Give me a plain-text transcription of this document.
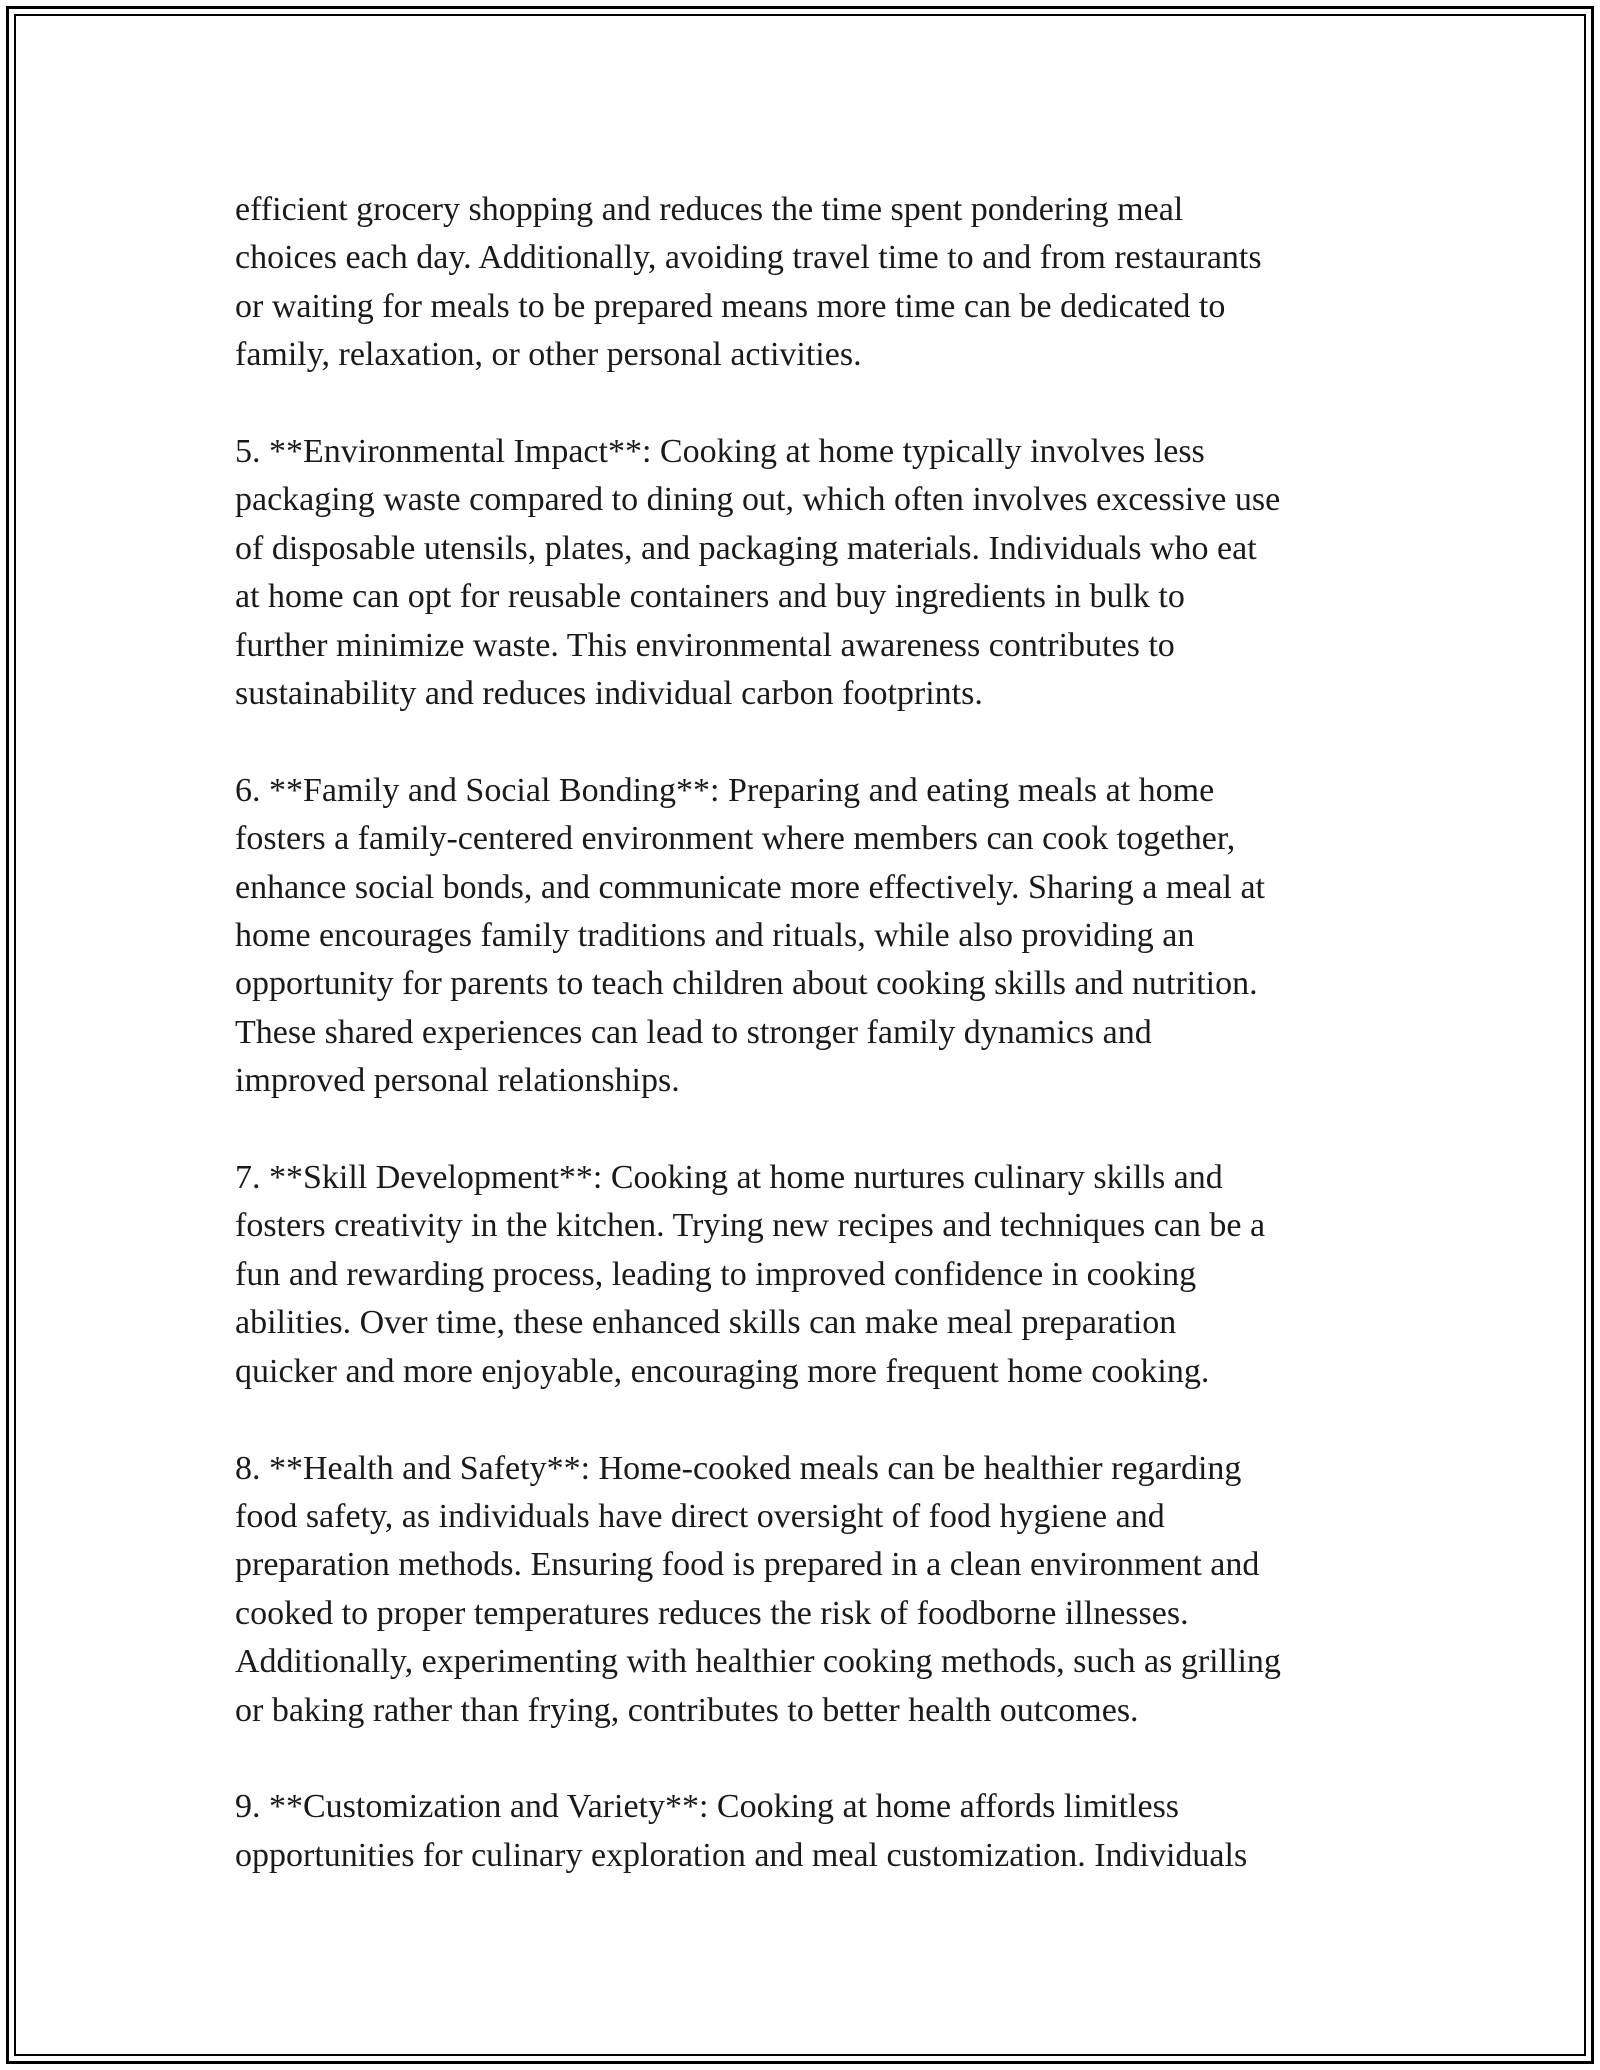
efficient grocery shopping and reduces the time spent pondering meal

choices each day. Additionally, avoiding travel time to and from restaurants

or waiting for meals to be prepared means more time can be dedicated to

family, relaxation, or other personal activities.

5. **Environmental Impact**: Cooking at home typically involves less

packaging waste compared to dining out, which often involves excessive use

of disposable utensils, plates, and packaging materials. Individuals who eat

at home can opt for reusable containers and buy ingredients in bulk to

further minimize waste. This environmental awareness contributes to

sustainability and reduces individual carbon footprints.

6. **Family and Social Bonding**: Preparing and eating meals at home

fosters a family-centered environment where members can cook together,

enhance social bonds, and communicate more effectively. Sharing a meal at

home encourages family traditions and rituals, while also providing an

opportunity for parents to teach children about cooking skills and nutrition.

These shared experiences can lead to stronger family dynamics and

improved personal relationships.

7. **Skill Development**: Cooking at home nurtures culinary skills and

fosters creativity in the kitchen. Trying new recipes and techniques can be a

fun and rewarding process, leading to improved confidence in cooking

abilities. Over time, these enhanced skills can make meal preparation

quicker and more enjoyable, encouraging more frequent home cooking.

8. **Health and Safety**: Home-cooked meals can be healthier regarding

food safety, as individuals have direct oversight of food hygiene and

preparation methods. Ensuring food is prepared in a clean environment and

cooked to proper temperatures reduces the risk of foodborne illnesses.

Additionally, experimenting with healthier cooking methods, such as grilling

or baking rather than frying, contributes to better health outcomes.

9. **Customization and Variety**: Cooking at home affords limitless

opportunities for culinary exploration and meal customization. Individuals
